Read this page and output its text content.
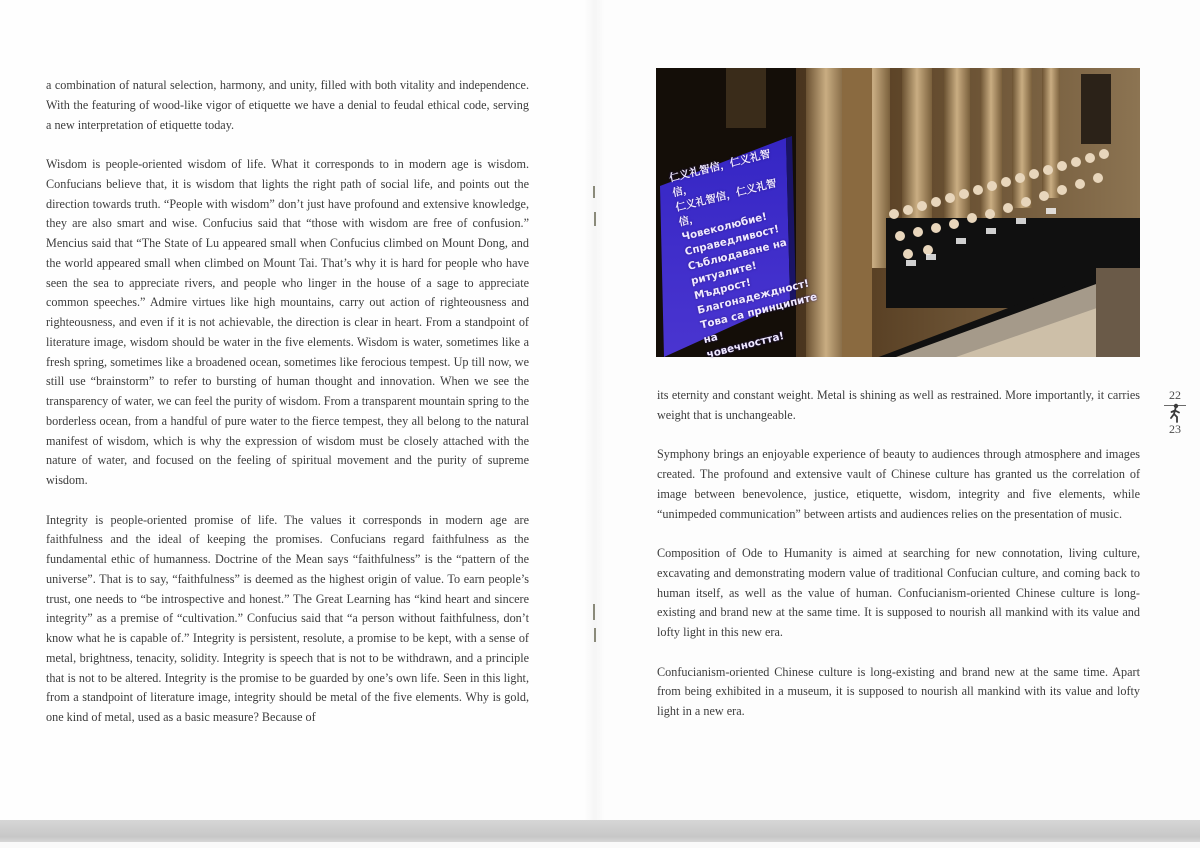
a combination of natural selection, harmony, and unity, filled with both vitality and independence. With the featuring of wood-like vigor of etiquette we have a denial to feudal ethical code, serving a new interpretation of etiquette today.

Wisdom is people-oriented wisdom of life. What it corresponds to in modern age is wisdom. Confucians believe that, it is wisdom that lights the right path of social life, and points out the direction towards truth. “People with wisdom” don’t just have profound and extensive knowledge, they are also smart and wise. Confucius said that “those with wisdom are free of confusion.” Mencius said that “The State of Lu appeared small when Confucius climbed on Mount Dong, and the world appeared small when climbed on Mount Tai. That’s why it is hard for people who have seen the sea to appreciate rivers, and people who linger in the house of a sage to appreciate common speeches.” Admire virtues like high mountains, carry out action of righteousness and righteousness, and even if it is not achievable, the direction is clear in heart. From a standpoint of literature image, wisdom should be water in the five elements. Wisdom is water, sometimes like a fresh spring, sometimes like a broadened ocean, sometimes like ferocious tempest. Up till now, we still use “brainstorm” to refer to bursting of human thought and innovation. When we see the transparency of water, we can feel the purity of wisdom. From a transparent mountain spring to the borderless ocean, from a handful of pure water to the fierce tempest, they all belong to the natural manifest of wisdom, which is why the expression of wisdom must be closely attached with the nature of water, and focused on the feeling of spiritual movement and the purity of supreme wisdom.

Integrity is people-oriented promise of life. The values it corresponds in modern age are faithfulness and the ideal of keeping the promises. Confucians regard faithfulness as the fundamental ethic of humanness. Doctrine of the Mean says “faithfulness” is the “pattern of the universe”. That is to say, “faithfulness” is deemed as the highest origin of value. To earn people’s trust, one needs to “be introspective and honest.” The Great Learning has “kind heart and sincere integrity” as a premise of “cultivation.” Confucius said that “a person without faithfulness, don’t know what he is capable of.” Integrity is persistent, resolute, a promise to be kept, with a sense of metal, brightness, tenacity, solidity. Integrity is speech that is not to be withdrawn, and a principle that is not to be altered. Integrity is the promise to be guarded by one’s own life. Seen in this light, from a standpoint of literature image, integrity should be metal of the five elements. Why is gold, one kind of metal, used as a basic measure? Because of

仁义礼智信，仁义礼智信，
仁义礼智信，仁义礼智信，
Човеколюбие! Справедливост!
Съблюдаване на ритуалите!
Мъдрост! Благонадеждност!
Това са принципите на
човечността!

its eternity and constant weight. Metal is shining as well as restrained. More importantly, it carries weight that is unchangeable.

Symphony brings an enjoyable experience of beauty to audiences through atmosphere and images created. The profound and extensive vault of Chinese culture has granted us the correlation of image between benevolence, justice, etiquette, wisdom, integrity and five elements, while “unimpeded communication” between artists and audiences relies on the presentation of music.

Composition of Ode to Humanity is aimed at searching for new connotation, living culture, excavating and demonstrating modern value of traditional Confucian culture, and coming back to human itself, as well as the value of human. Confucianism-oriented Chinese culture is long-existing and brand new at the same time. It is supposed to nourish all mankind with its value and lofty light in this new era.

Confucianism-oriented Chinese culture is long-existing and brand new at the same time. Apart from being exhibited in a museum, it is supposed to nourish all mankind with its value and lofty light in a new era.

22
23
